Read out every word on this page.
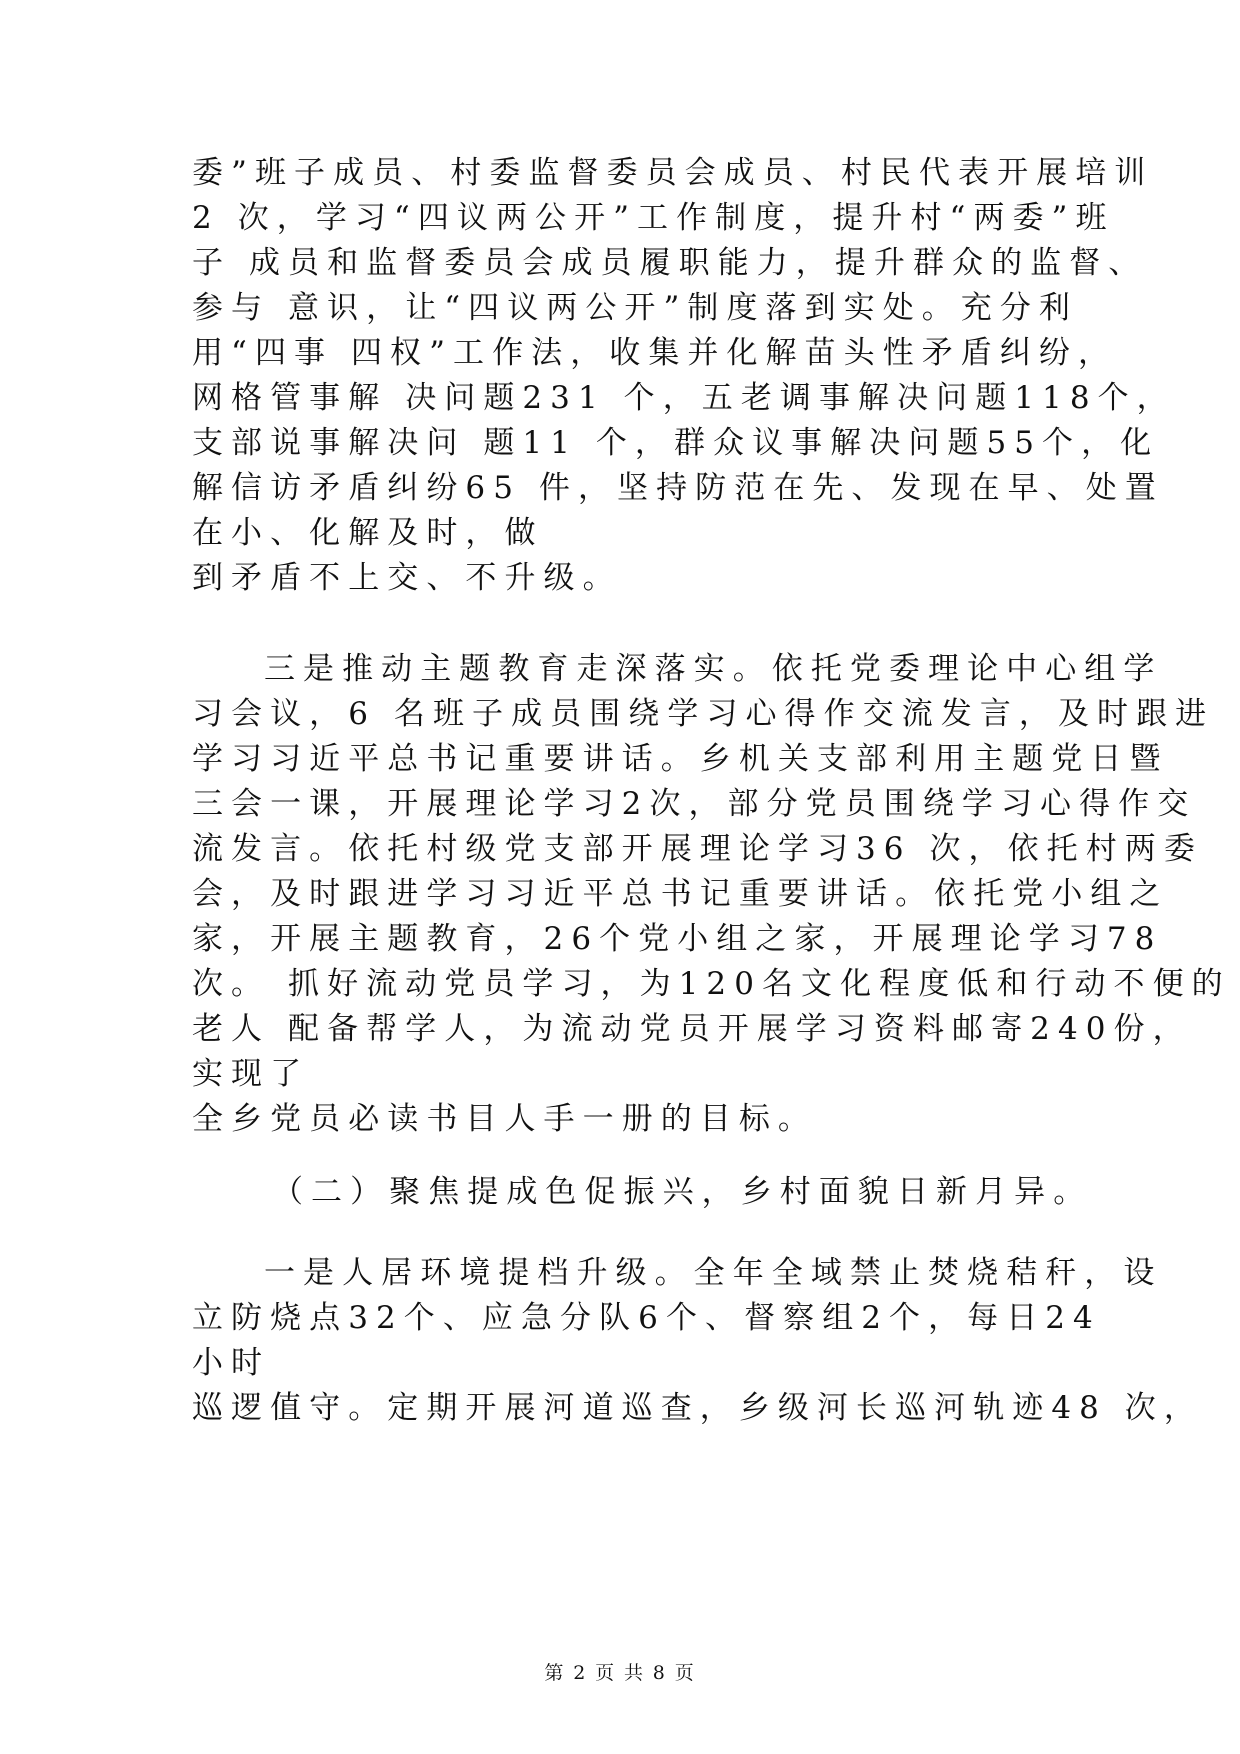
委”班子成员、村委监督委员会成员、村民代表开展培训
2 次，学习“四议两公开”工作制度，提升村“两委”班
子 成员和监督委员会成员履职能力，提升群众的监督、
参与 意识，让“四议两公开”制度落到实处。充分利
用“四事 四权”工作法，收集并化解苗头性矛盾纠纷，
网格管事解 决问题231 个，五老调事解决问题118个，
支部说事解决问 题11 个，群众议事解决问题55个，化
解信访矛盾纠纷65 件，坚持防范在先、发现在早、处置
在小、化解及时，做
到矛盾不上交、不升级。
三是推动主题教育走深落实。依托党委理论中心组学
习会议，6 名班子成员围绕学习心得作交流发言，及时跟进
学习习近平总书记重要讲话。乡机关支部利用主题党日暨
三会一课，开展理论学习2次，部分党员围绕学习心得作交
流发言。依托村级党支部开展理论学习36 次，依托村两委
会，及时跟进学习习近平总书记重要讲话。依托党小组之
家，开展主题教育，26个党小组之家，开展理论学习78
次。 抓好流动党员学习，为120名文化程度低和行动不便的
老人 配备帮学人，为流动党员开展学习资料邮寄240份，
实现了
全乡党员必读书目人手一册的目标。
（二）聚焦提成色促振兴，乡村面貌日新月异。
一是人居环境提档升级。全年全域禁止焚烧秸秆，设
立防烧点32个、应急分队6个、督察组2个，每日24
小时
巡逻值守。定期开展河道巡查，乡级河长巡河轨迹48 次，
第 2 页 共 8 页
